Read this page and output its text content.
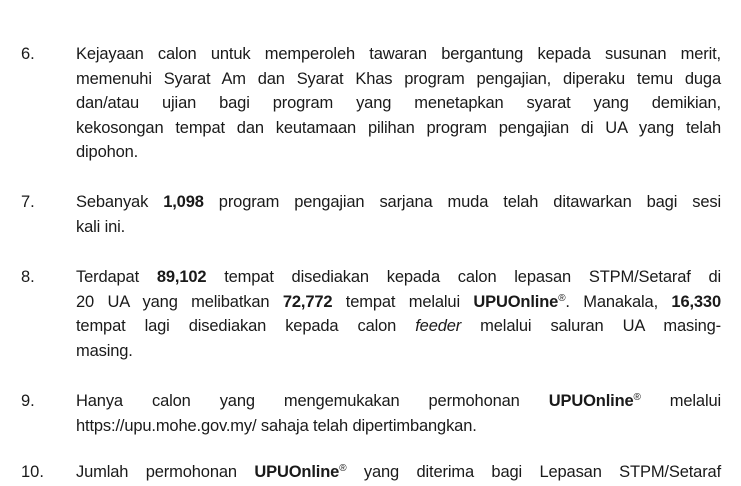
6. Kejayaan calon untuk memperoleh tawaran bergantung kepada susunan merit,
memenuhi Syarat Am dan Syarat Khas program pengajian, diperaku temu duga
dan/atau ujian bagi program yang menetapkan syarat yang demikian,
kekosongan tempat dan keutamaan pilihan program pengajian di UA yang telah
dipohon.
7. Sebanyak 1,098 program pengajian sarjana muda telah ditawarkan bagi sesi
kali ini.
8. Terdapat 89,102 tempat disediakan kepada calon lepasan STPM/Setaraf di
20 UA yang melibatkan 72,772 tempat melalui UPUOnline®. Manakala, 16,330
tempat lagi disediakan kepada calon feeder melalui saluran UA masing-
masing.
9. Hanya calon yang mengemukakan permohonan UPUOnline® melalui
https://upu.mohe.gov.my/ sahaja telah dipertimbangkan.
10. Jumlah permohonan UPUOnline® yang diterima bagi Lepasan STPM/Setaraf
